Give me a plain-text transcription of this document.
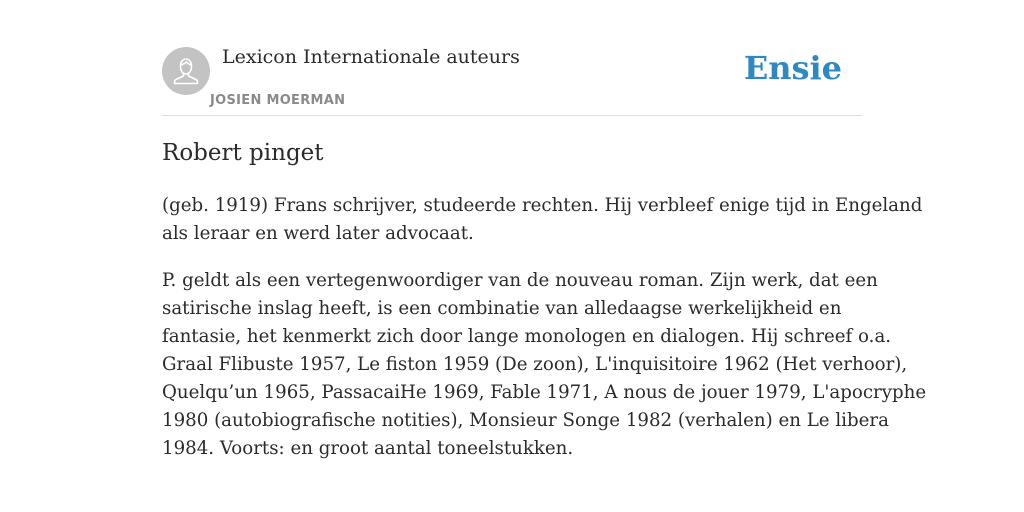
Lexicon Internationale auteurs
JOSIEN MOERMAN
Ensie
Robert pinget

(geb. 1919) Frans schrijver, studeerde rechten. Hij verbleef enige tijd in Engeland
als leraar en werd later advocaat.

P. geldt als een vertegenwoordiger van de nouveau roman. Zijn werk, dat een
satirische inslag heeft, is een combinatie van alledaagse werkelijkheid en
fantasie, het kenmerkt zich door lange monologen en dialogen. Hij schreef o.a.
Graal Flibuste 1957, Le fiston 1959 (De zoon), L'inquisitoire 1962 (Het verhoor),
Quelqu’un 1965, PassacaiHe 1969, Fable 1971, A nous de jouer 1979, L'apocryphe
1980 (autobiografische notities), Monsieur Songe 1982 (verhalen) en Le libera
1984. Voorts: en groot aantal toneelstukken.
